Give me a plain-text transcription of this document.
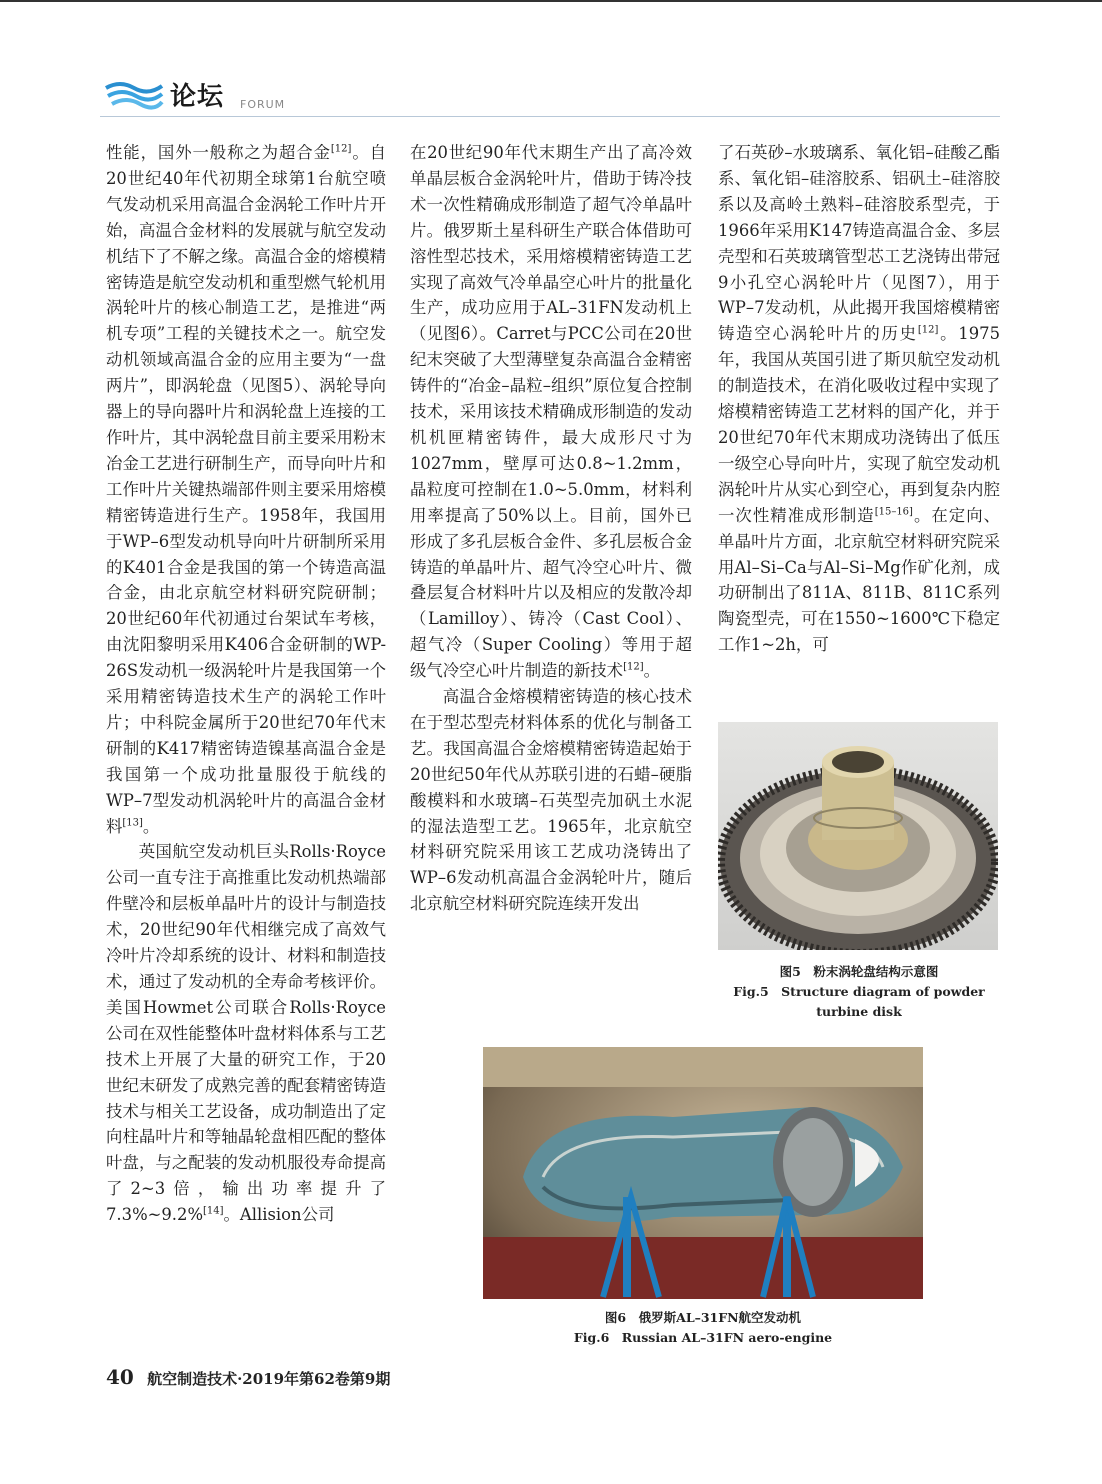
论坛 FORUM

性能，国外一般称之为超合金[12]。自20世纪40年代初期全球第1台航空喷气发动机采用高温合金涡轮工作叶片开始，高温合金材料的发展就与航空发动机结下了不解之缘。高温合金的熔模精密铸造是航空发动机和重型燃气轮机用涡轮叶片的核心制造工艺，是推进“两机专项”工程的关键技术之一。航空发动机领域高温合金的应用主要为“一盘两片”，即涡轮盘（见图5）、涡轮导向器上的导向器叶片和涡轮盘上连接的工作叶片，其中涡轮盘目前主要采用粉末冶金工艺进行研制生产，而导向叶片和工作叶片关键热端部件则主要采用熔模精密铸造进行生产。1958年，我国用于WP–6型发动机导向叶片研制所采用的K401合金是我国的第一个铸造高温合金，由北京航空材料研究院研制；20世纪60年代初通过台架试车考核，由沈阳黎明采用K406合金研制的WP-26S发动机一级涡轮叶片是我国第一个采用精密铸造技术生产的涡轮工作叶片；中科院金属所于20世纪70年代末研制的K417精密铸造镍基高温合金是我国第一个成功批量服役于航线的WP–7型发动机涡轮叶片的高温合金材料[13]。

英国航空发动机巨头Rolls·Royce公司一直专注于高推重比发动机热端部件壁冷和层板单晶叶片的设计与制造技术，20世纪90年代相继完成了高效气冷叶片冷却系统的设计、材料和制造技术，通过了发动机的全寿命考核评价。美国Howmet公司联合Rolls·Royce公司在双性能整体叶盘材料体系与工艺技术上开展了大量的研究工作，于20世纪末研发了成熟完善的配套精密铸造技术与相关工艺设备，成功制造出了定向柱晶叶片和等轴晶轮盘相匹配的整体叶盘，与之配装的发动机服役寿命提高了2~3倍，输出功率提升了7.3%~9.2%[14]。Allision公司

在20世纪90年代末期生产出了高冷效单晶层板合金涡轮叶片，借助于铸冷技术一次性精确成形制造了超气冷单晶叶片。俄罗斯土星科研生产联合体借助可溶性型芯技术，采用熔模精密铸造工艺实现了高效气冷单晶空心叶片的批量化生产，成功应用于AL–31FN发动机上（见图6）。Carret与PCC公司在20世纪末突破了大型薄壁复杂高温合金精密铸件的“冶金–晶粒–组织”原位复合控制技术，采用该技术精确成形制造的发动机机匣精密铸件，最大成形尺寸为1027mm，壁厚可达0.8~1.2mm，晶粒度可控制在1.0~5.0mm，材料利用率提高了50%以上。目前，国外已形成了多孔层板合金件、多孔层板合金铸造的单晶叶片、超气冷空心叶片、微叠层复合材料叶片以及相应的发散冷却（Lamilloy）、铸冷（Cast Cool）、超气冷（Super Cooling）等用于超级气冷空心叶片制造的新技术[12]。

高温合金熔模精密铸造的核心技术在于型芯型壳材料体系的优化与制备工艺。我国高温合金熔模精密铸造起始于20世纪50年代从苏联引进的石蜡–硬脂酸模料和水玻璃–石英型壳加矾土水泥的湿法造型工艺。1965年，北京航空材料研究院采用该工艺成功浇铸出了WP–6发动机高温合金涡轮叶片，随后北京航空材料研究院连续开发出

了石英砂–水玻璃系、氧化铝–硅酸乙酯系、氧化铝–硅溶胶系、铝矾土–硅溶胶系以及高岭土熟料–硅溶胶系型壳，于1966年采用K147铸造高温合金、多层壳型和石英玻璃管型芯工艺浇铸出带冠9小孔空心涡轮叶片（见图7），用于WP–7发动机，从此揭开我国熔模精密铸造空心涡轮叶片的历史[12]。1975年，我国从英国引进了斯贝航空发动机的制造技术，在消化吸收过程中实现了熔模精密铸造工艺材料的国产化，并于20世纪70年代末期成功浇铸出了低压一级空心导向叶片，实现了航空发动机涡轮叶片从实心到空心，再到复杂内腔一次性精准成形制造[15–16]。在定向、单晶叶片方面，北京航空材料研究院采用Al–Si–Ca与Al–Si–Mg作矿化剂，成功研制出了811A、811B、811C系列陶瓷型壳，可在1550~1600℃下稳定工作1~2h，可

图5　粉末涡轮盘结构示意图
Fig.5　Structure diagram of powder
turbine disk
图6　俄罗斯AL–31FN航空发动机
Fig.6　Russian AL–31FN aero-engine
40 航空制造技术·2019年第62卷第9期
